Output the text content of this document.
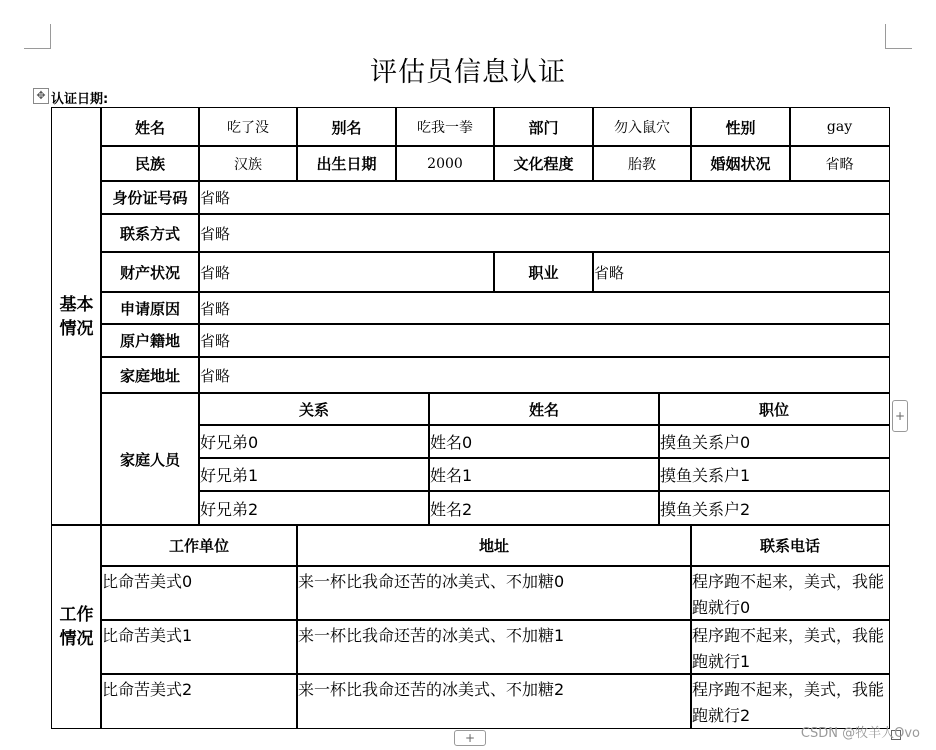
评估员信息认证
✥ 认证日期:
基本
情况
姓名	吃了没	别名	吃我一拳	部门	勿入鼠穴	性别	gay
民族	汉族	出生日期	2000	文化程度	胎教	婚姻状况	省略
身份证号码 省略
联系方式	省略
财产状况	省略	职业	省略
申请原因	省略
原户籍地	省略
家庭地址	省略
家庭人员
关系	姓名	职位
好兄弟0	姓名0	摸鱼关系户0
好兄弟1	姓名1	摸鱼关系户1
好兄弟2	姓名2	摸鱼关系户2
工作
情况
工作单位	地址	联系电话
比命苦美式0	来一杯比我命还苦的冰美式、不加糖0	程序跑不起来，美式，我能跑就行0
比命苦美式1	来一杯比我命还苦的冰美式、不加糖1	程序跑不起来，美式，我能跑就行1
比命苦美式2	来一杯比我命还苦的冰美式、不加糖2	程序跑不起来，美式，我能跑就行2
+
+	CSDN @牧羊人Ovo
